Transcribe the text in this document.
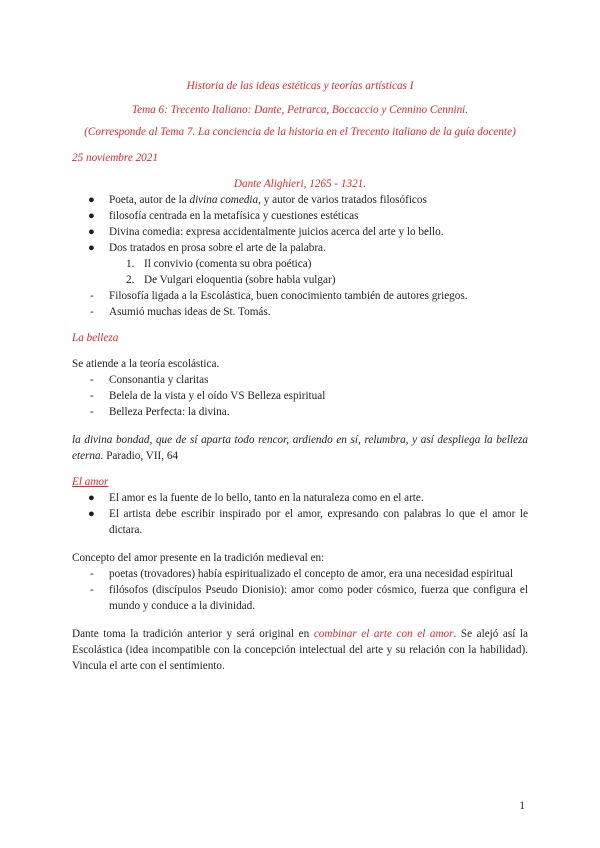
Historia de las ideas estéticas y teorías artísticas I

Tema 6: Trecento Italiano: Dante, Petrarca, Boccaccio y Cennino Cennini.

(Corresponde al Tema 7. La conciencia de la historia en el Trecento italiano de la guía docente)

25 noviembre 2021

Dante Alighieri, 1265 - 1321.

● Poeta, autor de la divina comedia, y autor de varios tratados filosóficos
● filosofía centrada en la metafísica y cuestiones estéticas
● Divina comedia: expresa accidentalmente juicios acerca del arte y lo bello.
● Dos tratados en prosa sobre el arte de la palabra.
1. Il convivio (comenta su obra poética)
2. De Vulgari eloquentia (sobre habla vulgar)
- Filosofía ligada a la Escolástica, buen conocimiento también de autores griegos.
- Asumió muchas ideas de St. Tomás.

La belleza

Se atiende a la teoría escolástica.

- Consonantia y claritas
- Belela de la vista y el oído VS Belleza espiritual
- Belleza Perfecta: la divina.

la divina bondad, que de sí aparta todo rencor, ardiendo en sí, relumbra, y así despliega la belleza eterna. Paradio, VII, 64

El amor

● El amor es la fuente de lo bello, tanto en la naturaleza como en el arte.
● El artista debe escribir inspirado por el amor, expresando con palabras lo que el amor le dictara.

Concepto del amor presente en la tradición medieval en:

- poetas (trovadores) había espiritualizado el concepto de amor, era una necesidad espiritual
- filósofos (discípulos Pseudo Dionisio): amor como poder cósmico, fuerza que configura el mundo y conduce a la divinidad.

Dante toma la tradición anterior y será original en combinar el arte con el amor. Se alejó así la Escolástica (idea incompatible con la concepción intelectual del arte y su relación con la habilidad). Vincula el arte con el sentimiento.

1
